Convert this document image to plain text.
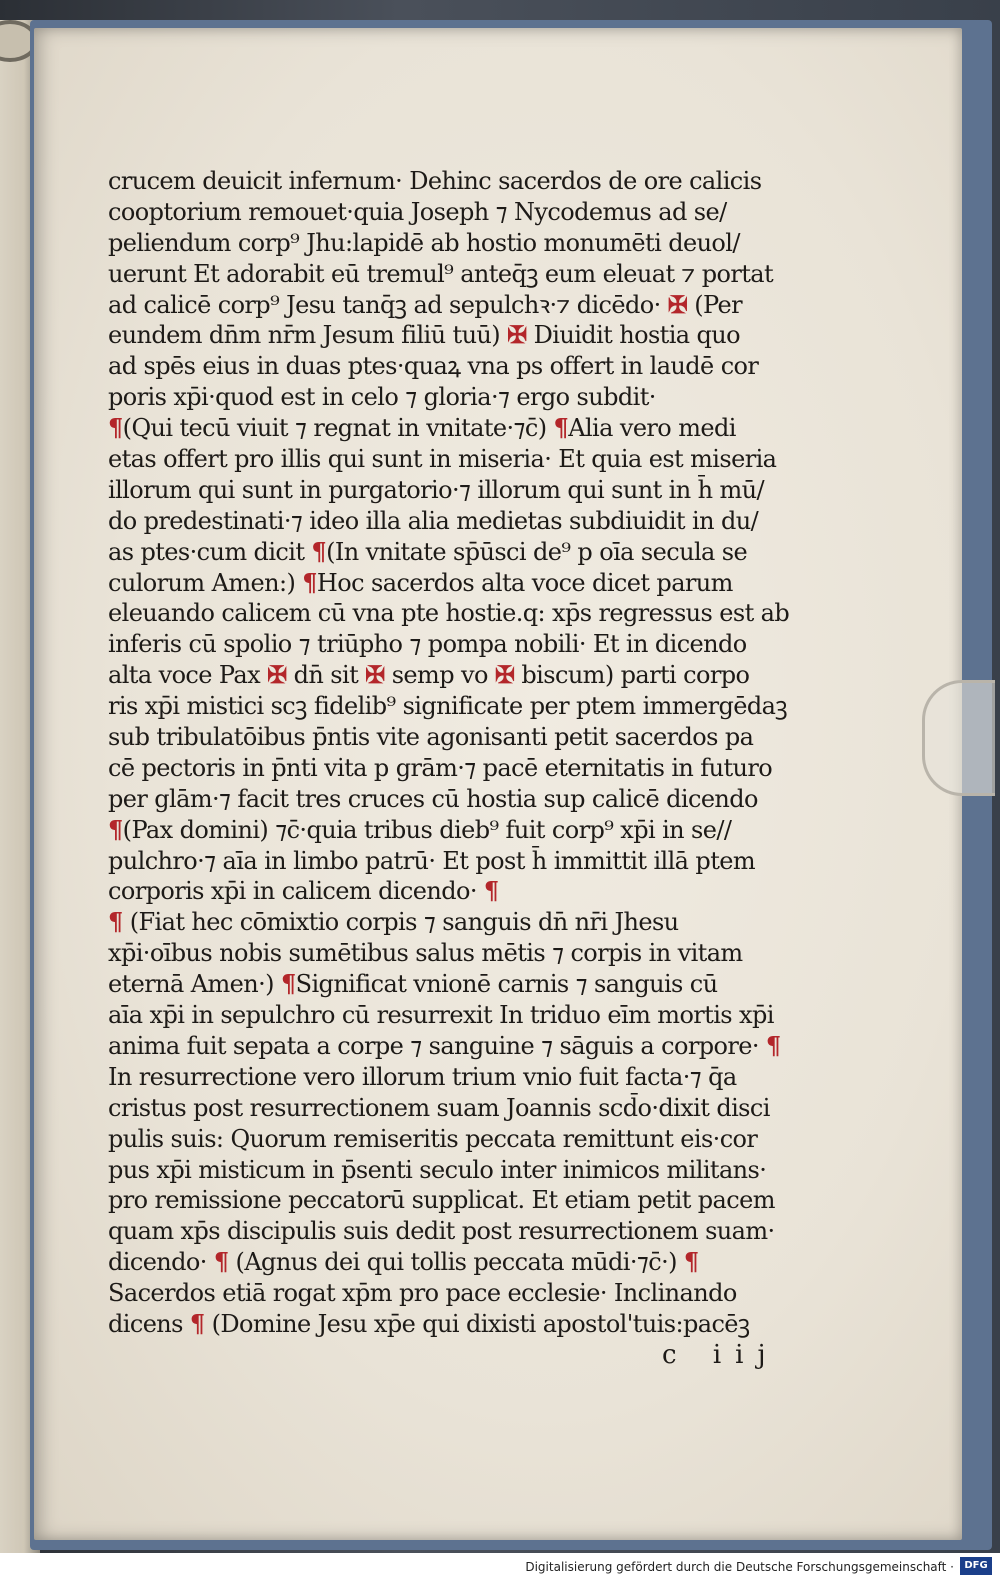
crucem deuicit infernum· Dehinc sacerdos de ore calicis
cooptorium remouet·quia Joseph ⁊ Nycodemus ad se/
peliendum corp⁹ Jhu:lapidē ab hostio monumēti deuol/
uerunt Et adorabit eū tremul⁹ anteqꝫ eum eleuat ⁊ portat
ad calicē corp⁹ Jesu tanqꝫ ad sepulchꝛ·⁊ dicēdo· ✠ (Per
eundem dnm nrm Jesum filiū tuū) ✠ Diuidit hostia quo
ad spēs eius in duas ptes·quaꝝ vna ps offert in laudē cor
poris xpi·quod est in celo ⁊ gloria·⁊ ergo subdit·
¶(Qui tecū viuit ⁊ regnat in vnitate·⁊c) ¶Alia vero medi
etas offert pro illis qui sunt in miseria· Et quia est miseria
illorum qui sunt in purgatorio·⁊ illorum qui sunt in h mū/
do predestinati·⁊ ideo illa alia medietas subdiuidit in du/
as ptes·cum dicit ¶(In vnitate spūsci de⁹ p oīa secula se
culorum Amen:) ¶Hoc sacerdos alta voce dicet parum
eleuando calicem cū vna pte hostie.q: xps regressus est ab
inferis cū spolio ⁊ triūpho ⁊ pompa nobili· Et in dicendo
alta voce Pax ✠ dn sit ✠ semp vo ✠ biscum) parti corpo
ris xpi mistici scꝫ fidelib⁹ significate per ptem immergēdaꝫ
sub tribulatōibus pntis vite agonisanti petit sacerdos pa
cē pectoris in pnti vita p grām·⁊ pacē eternitatis in futuro
per glām·⁊ facit tres cruces cū hostia sup calicē dicendo
¶(Pax domini) ⁊c·quia tribus dieb⁹ fuit corp⁹ xpi in se//
pulchro·⁊ aīa in limbo patrū· Et post h immittit illā ptem
corporis xpi in calicem dicendo· ¶
¶ (Fiat hec cōmixtio corpis ⁊ sanguis dn nri Jhesu
xpi·oībus nobis sumētibus salus mētis ⁊ corpis in vitam
eternā Amen·) ¶Significat vnionē carnis ⁊ sanguis cū
aīa xpi in sepulchro cū resurrexit In triduo eīm mortis xpi
anima fuit sepata a corpe ⁊ sanguine ⁊ sāguis a corpore· ¶
In resurrectione vero illorum trium vnio fuit facta·⁊ qa
cristus post resurrectionem suam Joannis scdo·dixit disci
pulis suis: Quorum remiseritis peccata remittunt eis·cor
pus xpi misticum in psenti seculo inter inimicos militans·
pro remissione peccatorū supplicat. Et etiam petit pacem
quam xps discipulis suis dedit post resurrectionem suam·
dicendo· ¶ (Agnus dei qui tollis peccata mūdi·⁊c·) ¶
Sacerdos etiā rogat xpm pro pace ecclesie· Inclinando
dicens ¶ (Domine Jesu xpe qui dixisti apostol'tuis:pacēꝫ
c iij
Digitalisierung gefördert durch die Deutsche Forschungsgemeinschaft ·	DFG
